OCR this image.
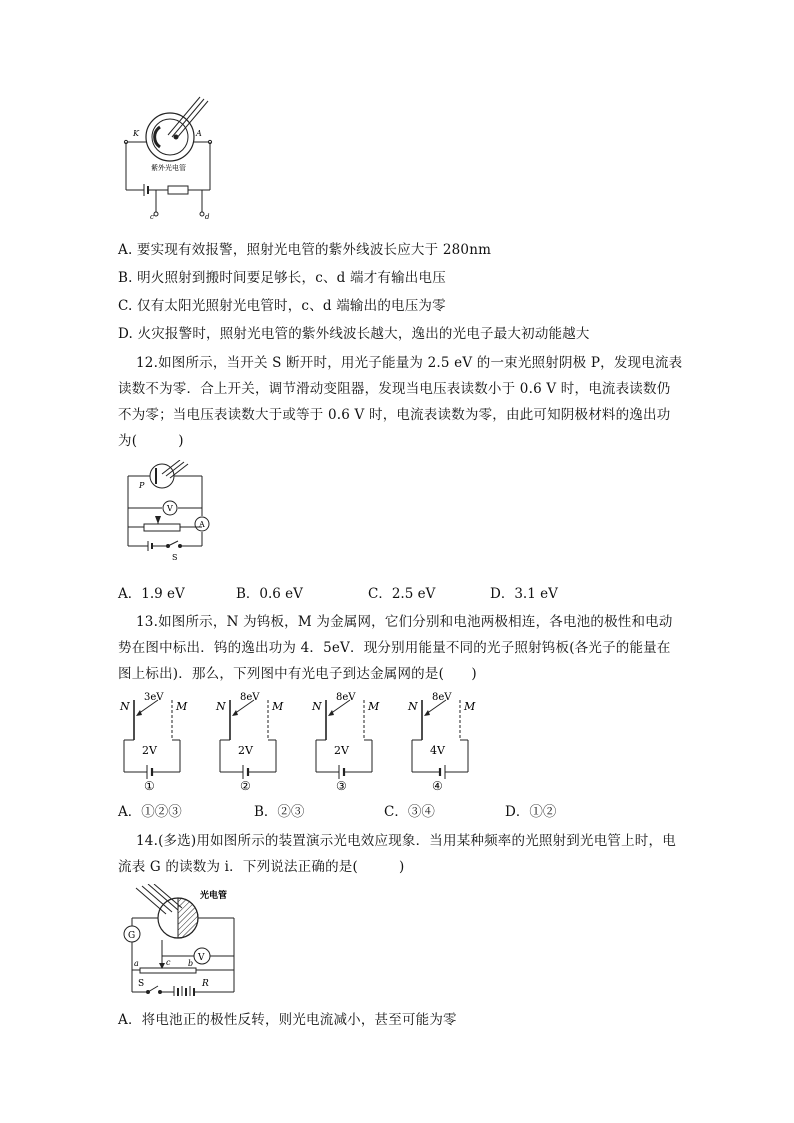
K	A
紫外光电管
c	d
A. 要实现有效报警，照射光电管的紫外线波长应大于 280nm
B. 明火照射到搬时间要足够长，c、d 端才有输出电压
C. 仅有太阳光照射光电管时，c、d 端输出的电压为零
D. 火灾报警时，照射光电管的紫外线波长越大，逸出的光电子最大初动能越大
12.如图所示，当开关 S 断开时，用光子能量为 2.5 eV 的一束光照射阴极 P，发现电流表
读数不为零．合上开关，调节滑动变阻器，发现当电压表读数小于 0.6 V 时，电流表读数仍
不为零；当电压表读数大于或等于 0.6 V 时，电流表读数为零，由此可知阴极材料的逸出功
为(　　　)
P
V
A
S
A．1.9 eV	B．0.6 eV	C．2.5 eV	D．3.1 eV
13.如图所示，N 为钨板，M 为金属网，它们分别和电池两极相连，各电池的极性和电动
势在图中标出．钨的逸出功为 4．5eV．现分别用能量不同的光子照射钨板(各光子的能量在
图上标出)．那么，下列图中有光电子到达金属网的是(　　)
N	M
3eV
2V
①
N	M
8eV
2V
②
N	M
8eV
2V
③
N	M
8eV
4V
④
A．①②③	B．②③	C．③④	D．①②
14.(多选)用如图所示的装置演示光电效应现象．当用某种频率的光照射到光电管上时，电
流表 G 的读数为 i．下列说法正确的是(　　　)
光电管
G
V
a	c b
S	R
A．将电池正的极性反转，则光电流减小，甚至可能为零
